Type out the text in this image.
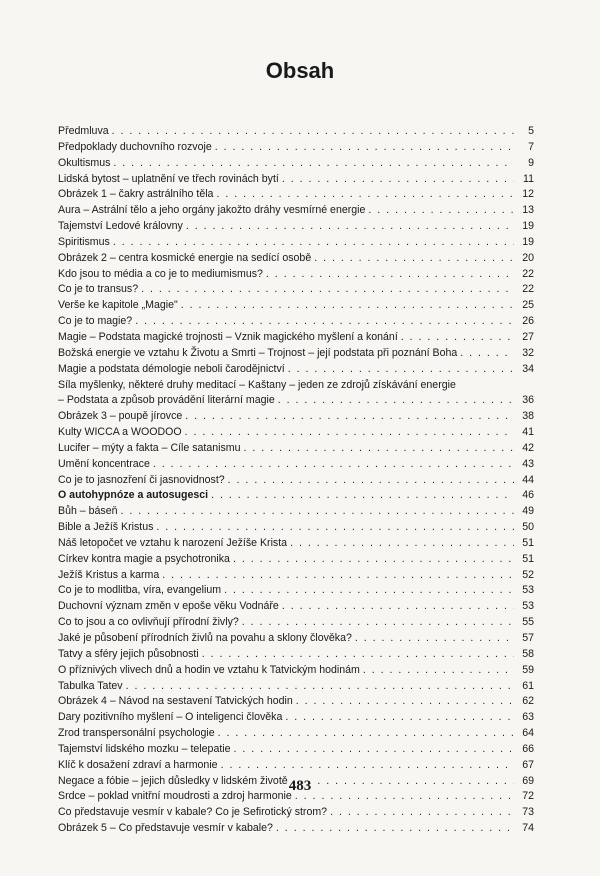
Obsah
Předmluva . . .	5
Předpoklady duchovního rozvoje . . .	7
Okultismus . . .	9
Lidská bytost – uplatnění ve třech rovinách bytí . . .	11
Obrázek 1 – čakry astrálního těla . . .	12
Aura – Astrální tělo a jeho orgány jakožto dráhy vesmírné energie . . .	13
Tajemství Ledové královny . . .	19
Spiritismus . . .	19
Obrázek 2 – centra kosmické energie na sedící osobě . . .	20
Kdo jsou to média a co je to mediumismus? . . .	22
Co je to transus? . . .	22
Verše ke kapitole „Magie" . . .	25
Co je to magie? . . .	26
Magie – Podstata magické trojnosti – Vznik magického myšlení a konání . . .	27
Božská energie ve vztahu k Životu a Smrti – Trojnost – její podstata při poznání Boha . . .	32
Magie a podstata démologie neboli čarodějnictví . . .	34
Síla myšlenky, některé druhy meditací – Kaštany – jeden ze zdrojů získávání energie
– Podstata a způsob provádění literární magie . . .	36
Obrázek 3 – poupě jírovce . . .	38
Kulty WICCA a WOODOO . . .	41
Lucifer – mýty a fakta – Cíle satanismu . . .	42
Umění koncentrace . . .	43
Co je to jasnozření či jasnovidnost? . . .	44
O autohypnóze a autosugesci . . .	46
Bůh – báseň . . .	49
Bible a Ježíš Kristus . . .	50
Náš letopočet ve vztahu k narození Ježíše Krista . . .	51
Církev kontra magie a psychotronika . . .	51
Ježíš Kristus a karma . . .	52
Co je to modlitba, víra, evangelium . . .	53
Duchovní význam změn v epoše věku Vodnáře . . .	53
Co to jsou a co ovlivňují přírodní živly? . . .	55
Jaké je působení přírodních živlů na povahu a sklony člověka? . . .	57
Tatvy a sféry jejich působnosti . . .	58
O příznivých vlivech dnů a hodin ve vztahu k Tatvickým hodinám . . .	59
Tabulka Tatev . . .	61
Obrázek 4 – Návod na sestavení Tatvických hodin . . .	62
Dary pozitivního myšlení – O inteligenci člověka . . .	63
Zrod transpersonální psychologie . . .	64
Tajemství lidského mozku – telepatie . . .	66
Klíč k dosažení zdraví a harmonie . . .	67
Negace a fóbie – jejich důsledky v lidském životě . . .	69
Srdce – poklad vnitřní moudrosti a zdroj harmonie . . .	72
Co představuje vesmír v kabale? Co je Sefirotický strom? . . .	73
Obrázek 5 – Co představuje vesmír v kabale? . . .	74
483
